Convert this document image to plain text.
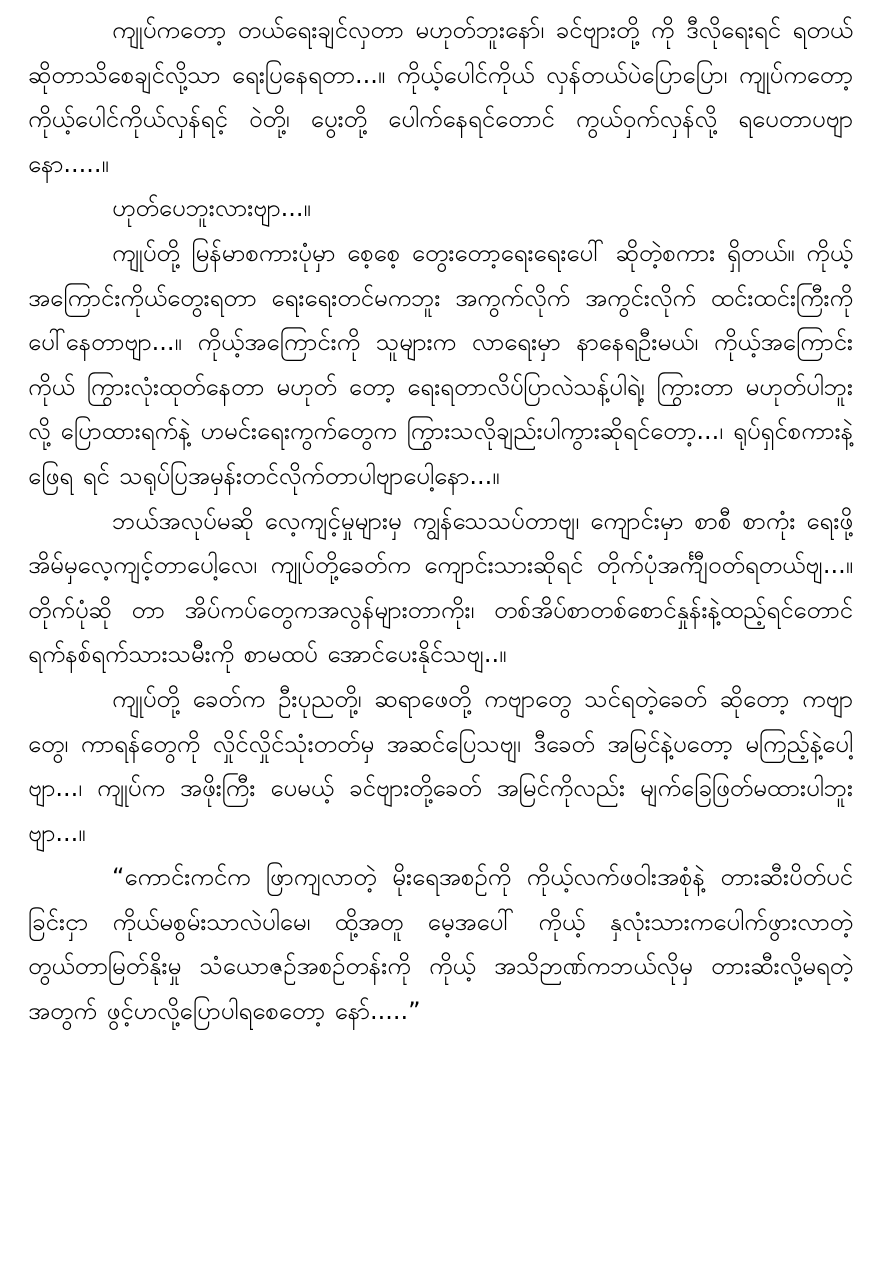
ကျုပ်ကတော့ တယ်ရေးချင်လှတာ မဟုတ်ဘူးနော်၊ ခင်ဗျားတို့ ကို ဒီလိုရေးရင် ရတယ်ဆိုတာသိစေချင်လို့သာ ရေးပြနေရတာ...။ ကိုယ့်ပေါင်ကိုယ် လှန်တယ်ပဲပြောပြော၊ ကျုပ်ကတော့ ကိုယ့်ပေါင်ကိုယ်လှန်ရင့် ဝဲတို့၊ ပွေးတို့ ပေါက်နေရင်တောင် ကွယ်ဝှက်လှန်လို့ ရပေတာပဗျာ နော.....။

ဟုတ်ပေဘူးလားဗျာ...။

ကျုပ်တို့ မြန်မာစကားပုံမှာ စေ့စေ့ တွေးတော့ရေးရေးပေါ် ဆိုတဲ့စကား ရှိတယ်။ ကိုယ့်အကြောင်းကိုယ်တွေးရတာ ရေးရေးတင်မကဘူး အကွက်လိုက် အကွင်းလိုက် ထင်းထင်းကြီးကိုပေါ်နေတာဗျာ...။ ကိုယ့်အကြောင်းကို သူများက လာရေးမှာ နာနေရဦးမယ်၊ ကိုယ့်အကြောင်းကိုယ် ကြွားလုံးထုတ်နေတာ မဟုတ် တော့ ရေးရတာလိပ်ပြာလဲသန့်ပါရဲ့၊ ကြွားတာ မဟုတ်ပါဘူးလို့ ပြောထားရက်နဲ့ ဟမင်းရေးကွက်တွေက ကြွားသလိုချည်းပါကွားဆိုရင်တော့...၊ ရုပ်ရှင်စကားနဲ့ ဖြေရ ရင် သရုပ်ပြအမှန်းတင်လိုက်တာပါဗျာပေါ့နော...။

ဘယ်အလုပ်မဆို လေ့ကျင့်မှုများမှ ကျွန်သေသပ်တာဗျ၊ ကျောင်းမှာ စာစီ စာကုံး ရေးဖို့ အိမ်မှလေ့ကျင့်တာပေါ့လေ၊ ကျုပ်တို့ခေတ်က ကျောင်းသားဆိုရင် တိုက်ပုံအင်္ကျီဝတ်ရတယ်ဗျ...။ တိုက်ပုံဆို တာ အိပ်ကပ်တွေကအလွန်များတာကိုး၊ တစ်အိပ်စာတစ်စောင်နှုန်းနဲ့ထည့်ရင်တောင် ရက်နစ်ရက်သားသမီးကို စာမထပ် အောင်ပေးနိုင်သဗျ..။

ကျုပ်တို့ ခေတ်က ဦးပုညတို့၊ ဆရာဖေတို့ ကဗျာတွေ သင်ရတဲ့ခေတ် ဆိုတော့ ကဗျာတွေ၊ ကာရန်တွေကို လှိုင်လှိုင်သုံးတတ်မှ အဆင်ပြေသဗျ၊ ဒီခေတ် အမြင်နဲ့ပတော့ မကြည့်နဲ့ပေါ့ဗျာ...၊ ကျုပ်က အဖိုးကြီး ပေမယ့် ခင်ဗျားတို့ခေတ် အမြင်ကိုလည်း မျက်ခြေဖြတ်မထားပါဘူးဗျာ...။

“ကောင်းကင်က ဖြာကျလာတဲ့ မိုးရေအစဉ်ကို ကိုယ့်လက်ဖဝါးအစုံနဲ့ တားဆီးပိတ်ပင်ခြင်းငှာ ကိုယ်မစွမ်းသာလဲပါမေ၊ ထို့အတူ မေ့အပေါ် ကိုယ့် နှလုံးသားကပေါက်ဖွားလာတဲ့ တွယ်တာမြတ်နိုးမှု သံယောဇဉ်အစဉ်တန်းကို ကိုယ့် အသိဉာဏ်ကဘယ်လိုမှ တားဆီးလို့မရတဲ့အတွက် ဖွင့်ဟလို့ပြောပါရစေတော့ နော်.....”
